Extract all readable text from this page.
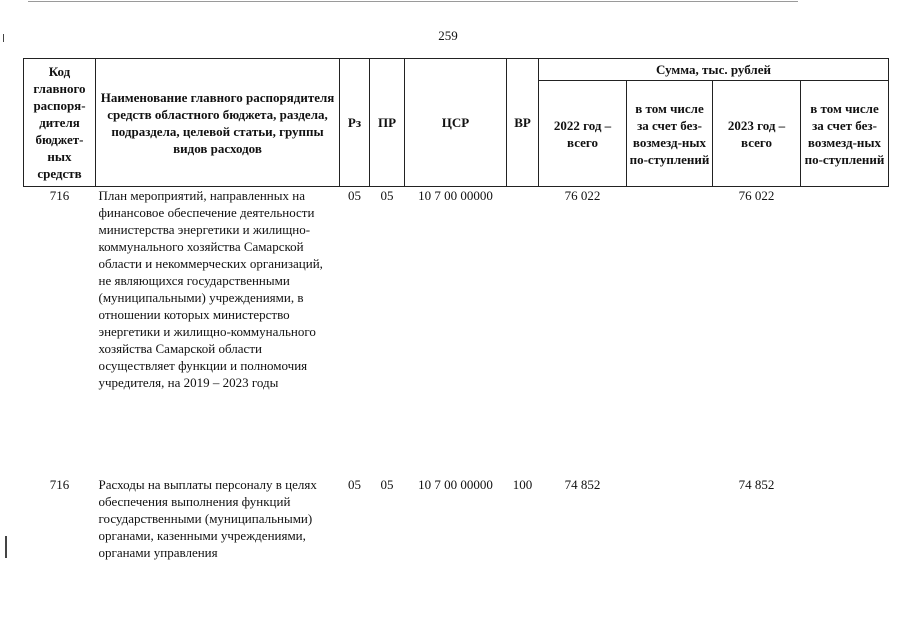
259
Код главного распоря-дителя бюджет-ных средств	Наименование главного распорядителя средств областного бюджета, раздела, подраздела, целевой статьи, группы видов расходов	Рз	ПР	ЦСР	ВР	Сумма, тыс. рублей			
						2022 год – всего	в том числе за счет без-возмезд-ных по-ступлений	2023 год – всего	в том числе за счет без-возмезд-ных по-ступлений
716	План мероприятий, направленных на финансовое обеспечение деятельности министерства энергетики и жилищно-коммунального хозяйства Самарской области и некоммерческих организаций, не являющихся государственными (муниципальными) учреждениями, в отношении которых министерство энергетики и жилищно-коммунального хозяйства Самарской области осуществляет функции и полномочия учредителя, на 2019 – 2023 годы	05	05	10 7 00 00000		76 022		76 022	
716	Расходы на выплаты персоналу в целях обеспечения выполнения функций государственными (муниципальными) органами, казенными учреждениями, органами управления	05	05	10 7 00 00000	100	74 852		74 852	
